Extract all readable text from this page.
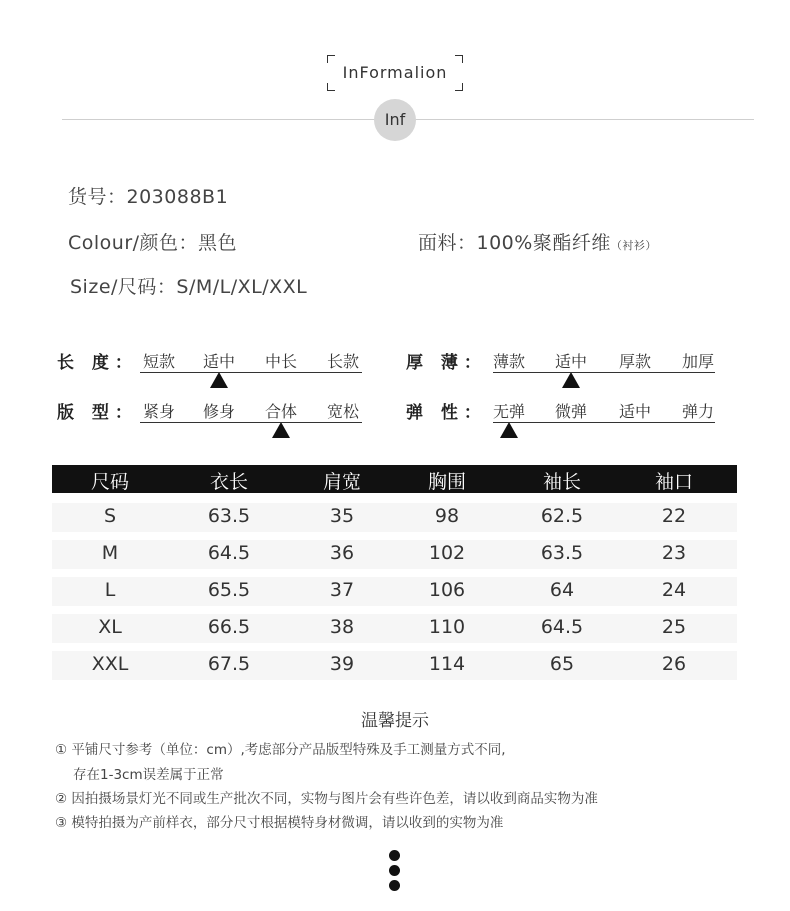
InFormalion
Inf
货号：203088B1
Colour/颜色：黑色	面料：100%聚酯纤维（衬衫）
Size/尺码：S/M/L/XL/XXL
长 度： 短款	适中	中长	长款	厚 薄： 薄款	适中	厚款	加厚
版 型： 紧身	修身	合体	宽松	弹 性： 无弹	微弹	适中	弹力
尺码	衣长	肩宽	胸围	袖长	袖口
S	63.5	35	98	62.5	22
M	64.5	36	102	63.5	23
L	65.5	37	106	64	24
XL	66.5	38	110	64.5	25
XXL	67.5	39	114	65	26
温馨提示
① 平铺尺寸参考（单位：cm）,考虑部分产品版型特殊及手工测量方式不同,
存在1-3cm误差属于正常
② 因拍摄场景灯光不同或生产批次不同，实物与图片会有些许色差，请以收到商品实物为准
③ 模特拍摄为产前样衣，部分尺寸根据模特身材微调，请以收到的实物为准
